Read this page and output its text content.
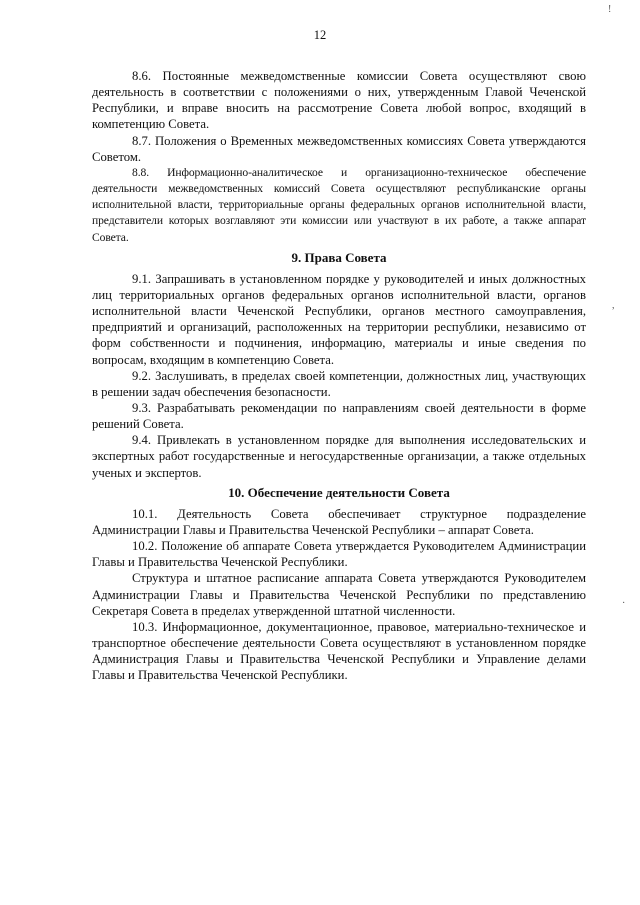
12
!
,
·

8.6. Постоянные межведомственные комиссии Совета осуществляют свою деятельность в соответствии с положениями о них, утвержденным Главой Чеченской Республики, и вправе вносить на рассмотрение Совета любой вопрос, входящий в компетенцию Совета.

8.7. Положения о Временных межведомственных комиссиях Совета утверждаются Советом.

8.8. Информационно-аналитическое и организационно-техническое обеспечение деятельности межведомственных комиссий Совета осуществляют республиканские органы исполнительной власти, территориальные органы федеральных органов исполнительной власти, представители которых возглавляют эти комиссии или участвуют в их работе, а также аппарат Совета.

9. Права Совета

9.1. Запрашивать в установленном порядке у руководителей и иных должностных лиц территориальных органов федеральных органов исполнительной власти, органов исполнительной власти Чеченской Республики, органов местного самоуправления, предприятий и организаций, расположенных на территории республики, независимо от форм собственности и подчинения, информацию, материалы и иные сведения по вопросам, входящим в компетенцию Совета.

9.2. Заслушивать, в пределах своей компетенции, должностных лиц, участвующих в решении задач обеспечения безопасности.

9.3. Разрабатывать рекомендации по направлениям своей деятельности в форме решений Совета.

9.4. Привлекать в установленном порядке для выполнения исследовательских и экспертных работ государственные и негосударственные организации, а также отдельных ученых и экспертов.

10. Обеспечение деятельности Совета

10.1. Деятельность Совета обеспечивает структурное подразделение Администрации Главы и Правительства Чеченской Республики – аппарат Совета.

10.2. Положение об аппарате Совета утверждается Руководителем Администрации Главы и Правительства Чеченской Республики.

Структура и штатное расписание аппарата Совета утверждаются Руководителем Администрации Главы и Правительства Чеченской Республики по представлению Секретаря Совета в пределах утвержденной штатной численности.

10.3. Информационное, документационное, правовое, материально-техническое и транспортное обеспечение деятельности Совета осуществляют в установленном порядке Администрация Главы и Правительства Чеченской Республики и Управление делами Главы и Правительства Чеченской Республики.
